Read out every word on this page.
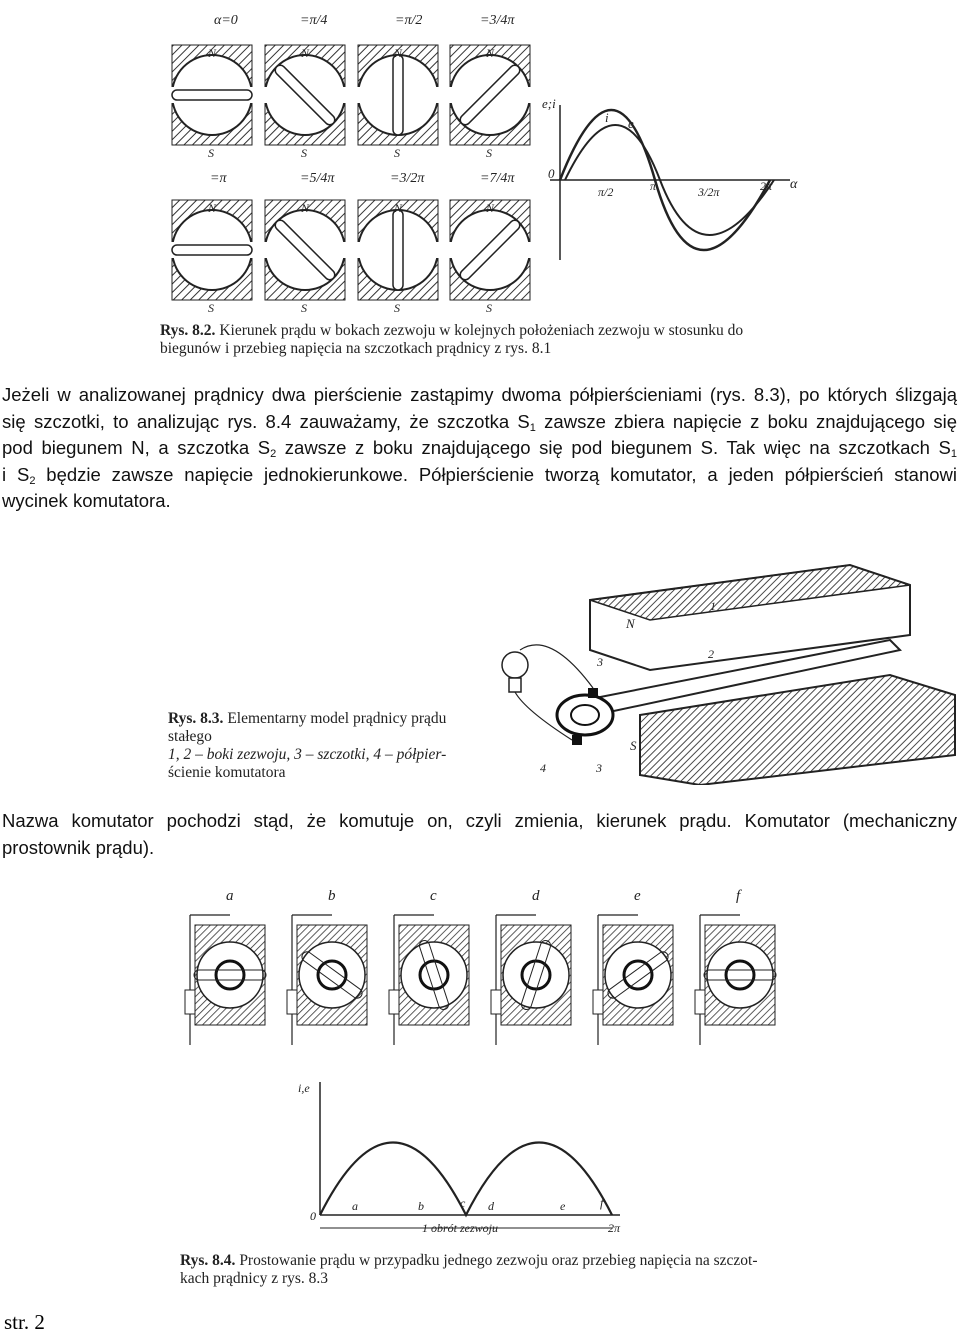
N
S
N
S
N
S
N
S
N
S
N
S
N
S
N
S
α=0	=π/4	=π/2	=3/4π
=π	=5/4π	=3/2π	=7/4π
e;i
α
0
i e
π/2	π	3/2π	2π
Rys. 8.2. Kierunek prądu w bokach zezwoju w kolejnych położeniach zezwoju w stosunku do biegunów i przebieg napięcia na szczotkach prądnicy z rys. 8.1
Jeżeli w analizowanej prądnicy dwa pierścienie zastąpimy dwoma półpierścieniami (rys. 8.3), po których ślizgają
się szczotki, to analizując rys. 8.4 zauważamy, że szczotka $S_1$ zawsze zbiera napięcie z boku znajdującego się
pod biegunem N, a szczotka $S_2$ zawsze z boku znajdującego się pod biegunem S. Tak więc na szczotkach $S_1$
i $S_2$ będzie zawsze napięcie jednokierunkowe. Półpierścienie tworzą komutator, a jeden półpierścień stanowi
wycinek komutatora.
N
S
1
2
3
4	3
Rys. 8.3. Elementarny model prądnicy prądu
stałego
1, 2 – boki zezwoju, 3 – szczotki, 4 – półpier-
ścienie komutatora
Nazwa komutator pochodzi stąd, że komutuje on, czyli zmienia, kierunek prądu. Komutator (mechaniczny
prostownik prądu).
a	b	c	d	e	f
i,e
0
a	b	c d	e	f
1 obrót zezwoju	2π
Rys. 8.4. Prostowanie prądu w przypadku jednego zezwoju oraz przebieg napięcia na szczot-
kach prądnicy z rys. 8.3
str. 2
